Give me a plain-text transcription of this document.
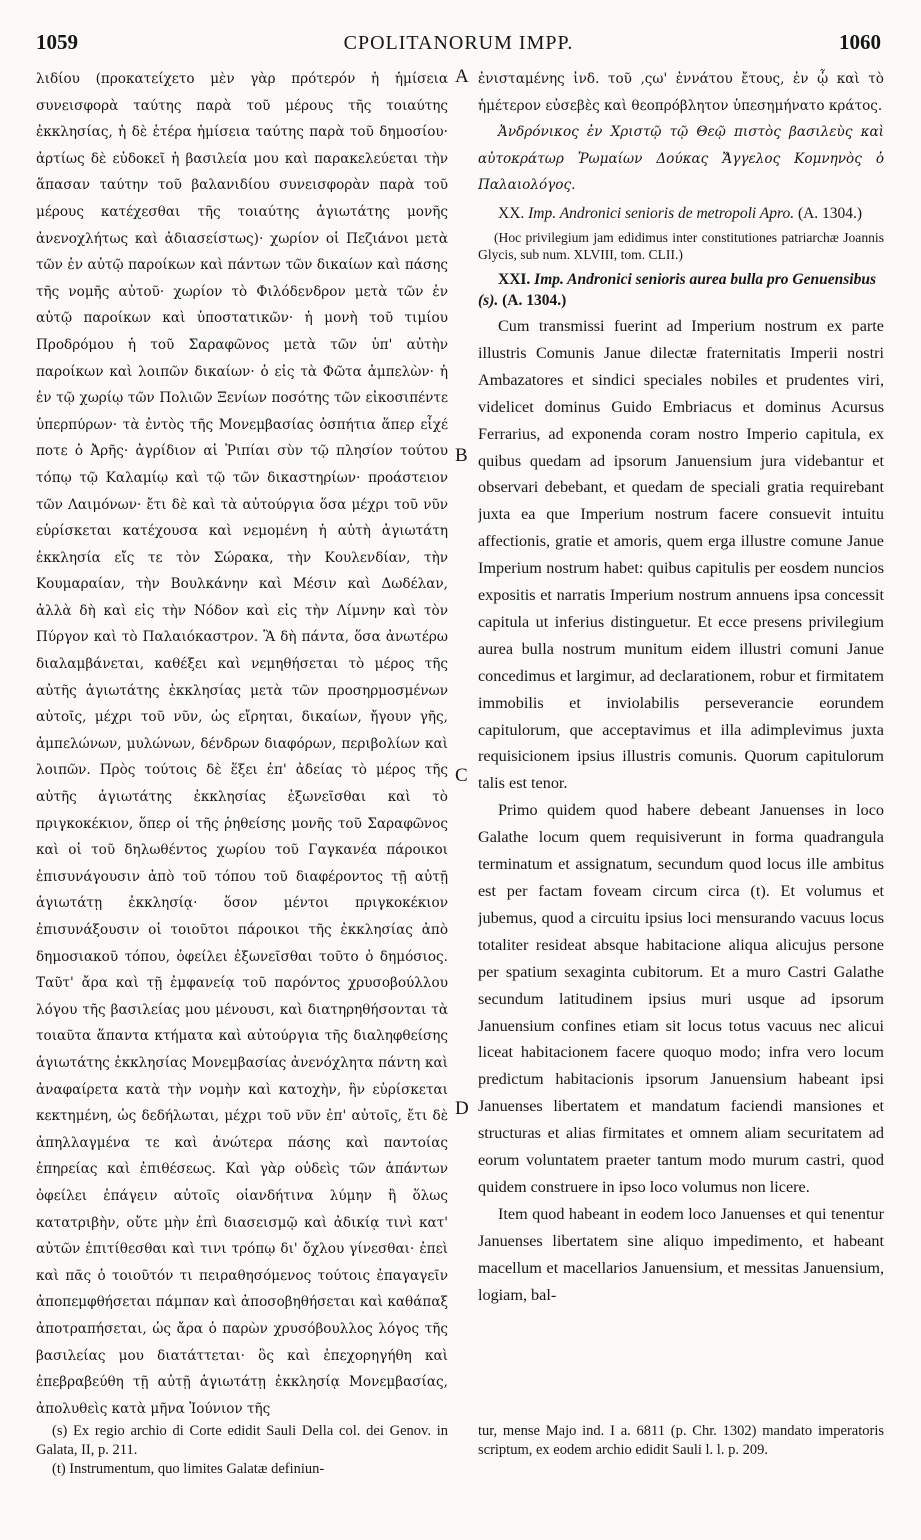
1059	CPOLITANORUM IMPP.	1060

λιδίου (προκατείχετο μὲν γὰρ πρότερόν ἡ ἡμίσεια συνεισφορὰ ταύτης παρὰ τοῦ μέρους τῆς τοιαύτης ἐκκλησίας, ἡ δὲ ἑτέρα ἡμίσεια ταύτης παρὰ τοῦ δημοσίου· ἀρτίως δὲ εὐδοκεῖ ἡ βασιλεία μου καὶ παρακελεύεται τὴν ἅπασαν ταύτην τοῦ βαλανιδίου συνεισφορὰν παρὰ τοῦ μέρους κατέχεσθαι τῆς τοιαύτης ἁγιωτάτης μονῆς ἀνενοχλήτως καὶ ἀδιασείστως)· χωρίον οἱ Πεζιάνοι μετὰ τῶν ἐν αὐτῷ παροίκων καὶ πάντων τῶν δικαίων καὶ πάσης τῆς νομῆς αὐτοῦ· χωρίον τὸ Φιλόδενδρον μετὰ τῶν ἐν αὐτῷ παροίκων καὶ ὑποστατικῶν· ἡ μονὴ τοῦ τιμίου Προδρόμου ἡ τοῦ Σαραφῶνος μετὰ τῶν ὑπ' αὐτὴν παροίκων καὶ λοιπῶν δικαίων· ὁ εἰς τὰ Φῶτα ἀμπελὼν· ἡ ἐν τῷ χωρίῳ τῶν Πολιῶν Ξενίων ποσότης τῶν εἰκοσιπέντε ὑπερπύρων· τὰ ἐντὸς τῆς Μονεμβασίας ὀσπήτια ἅπερ εἶχέ ποτε ὁ Ἀρῆς· ἀγρίδιον αἱ Ῥιπίαι σὺν τῷ πλησίον τούτου τόπῳ τῷ Καλαμίῳ καὶ τῷ τῶν δικαστηρίων· προάστειον τῶν Λαιμόνων· ἔτι δὲ καὶ τὰ αὐτούργια ὅσα μέχρι τοῦ νῦν εὑρίσκεται κατέχουσα καὶ νεμομένη ἡ αὐτὴ ἁγιωτάτη ἐκκλησία εἴς τε τὸν Σώρακα, τὴν Κουλενδίαν, τὴν Κουμαραίαν, τὴν Βουλκάνην καὶ Μέσιν καὶ Δωδέλαν, ἀλλὰ δὴ καὶ εἰς τὴν Νόδον καὶ εἰς τὴν Λίμνην καὶ τὸν Πύργον καὶ τὸ Παλαιόκαστρον. Ἃ δὴ πάντα, ὅσα ἀνωτέρω διαλαμβάνεται, καθέξει καὶ νεμηθήσεται τὸ μέρος τῆς αὐτῆς ἁγιωτάτης ἐκκλησίας μετὰ τῶν προσηρμοσμένων αὐτοῖς, μέχρι τοῦ νῦν, ὡς εἴρηται, δικαίων, ἤγουν γῆς, ἀμπελώνων, μυλώνων, δένδρων διαφόρων, περιβολίων καὶ λοιπῶν. Πρὸς τούτοις δὲ ἕξει ἐπ' ἀδείας τὸ μέρος τῆς αὐτῆς ἁγιωτάτης ἐκκλησίας ἐξωνεῖσθαι καὶ τὸ πριγκοκέκιον, ὅπερ οἱ τῆς ῥηθείσης μονῆς τοῦ Σαραφῶνος καὶ οἱ τοῦ δηλωθέντος χωρίου τοῦ Γαγκανέα πάροικοι ἐπισυνάγουσιν ἀπὸ τοῦ τόπου τοῦ διαφέροντος τῇ αὐτῇ ἁγιωτάτῃ ἐκκλησίᾳ· ὅσον μέντοι πριγκοκέκιον ἐπισυνάξουσιν οἱ τοιοῦτοι πάροικοι τῆς ἐκκλησίας ἀπὸ δημοσιακοῦ τόπου, ὀφείλει ἐξωνεῖσθαι τοῦτο ὁ δημόσιος. Ταῦτ' ἄρα καὶ τῇ ἐμφανείᾳ τοῦ παρόντος χρυσοβούλλου λόγου τῆς βασιλείας μου μένουσι, καὶ διατηρηθήσονται τὰ τοιαῦτα ἅπαντα κτήματα καὶ αὐτούργια τῆς διαληφθείσης ἁγιωτάτης ἐκκλησίας Μονεμβασίας ἀνενόχλητα πάντη καὶ ἀναφαίρετα κατὰ τὴν νομὴν καὶ κατοχὴν, ἣν εὑρίσκεται κεκτημένη, ὡς δεδήλωται, μέχρι τοῦ νῦν ἐπ' αὐτοῖς, ἔτι δὲ ἀπηλλαγμένα τε καὶ ἀνώτερα πάσης καὶ παντοίας ἐπηρείας καὶ ἐπιθέσεως. Καὶ γὰρ οὐδεὶς τῶν ἁπάντων ὀφείλει ἐπάγειν αὐτοῖς οἱανδήτινα λύμην ἢ ὅλως κατατριβὴν, οὔτε μὴν ἐπὶ διασεισμῷ καὶ ἀδικίᾳ τινὶ κατ' αὐτῶν ἐπιτίθεσθαι καὶ τινι τρόπῳ δι' ὄχλου γίνεσθαι· ἐπεὶ καὶ πᾶς ὁ τοιοῦτόν τι πειραθησόμενος τούτοις ἐπαγαγεῖν ἀποπεμφθήσεται πάμπαν καὶ ἀποσοβηθήσεται καὶ καθάπαξ ἀποτραπήσεται, ὡς ἄρα ὁ παρὼν χρυσόβουλλος λόγος τῆς βασιλείας μου διατάττεται· ὃς καὶ ἐπεχορηγήθη καὶ ἐπεβραβεύθη τῇ αὐτῇ ἁγιωτάτῃ ἐκκλησίᾳ Μονεμβασίας, ἀπολυθεὶς κατὰ μῆνα Ἰούνιον τῆς

A
B
C
D

ἐνισταμένης ἰνδ. τοῦ ,ςω' ἐννάτου ἔτους, ἐν ᾧ καὶ τὸ ἡμέτερον εὐσεβὲς καὶ θεοπρόβλητον ὑπεσημήνατο κράτος.

Ἀνδρόνικος ἐν Χριστῷ τῷ Θεῷ πιστὸς βασιλεὺς καὶ αὐτοκράτωρ Ῥωμαίων Δούκας Ἄγγελος Κομνηνὸς ὁ Παλαιολόγος.

XX. Imp. Andronici senioris de metropoli Apro. (A. 1304.)

(Hoc privilegium jam edidimus inter constitutiones patriarchæ Joannis Glycis, sub num. XLVIII, tom. CLII.)

XXI. Imp. Andronici senioris aurea bulla pro Genuensibus (s). (A. 1304.)

Cum transmissi fuerint ad Imperium nostrum ex parte illustris Comunis Janue dilectæ fraternitatis Imperii nostri Ambazatores et sindici speciales nobiles et prudentes viri, videlicet dominus Guido Embriacus et dominus Acursus Ferrarius, ad exponenda coram nostro Imperio capitula, ex quibus quedam ad ipsorum Januensium jura videbantur et observari debebant, et quedam de speciali gratia requirebant juxta ea que Imperium nostrum facere consuevit intuitu affectionis, gratie et amoris, quem erga illustre comune Janue Imperium nostrum habet: quibus capitulis per eosdem nuncios expositis et narratis Imperium nostrum annuens ipsa concessit capitula ut inferius distinguetur. Et ecce presens privilegium aurea bulla nostrum munitum eidem illustri comuni Janue concedimus et largimur, ad declarationem, robur et firmitatem immobilis et inviolabilis perseverancie eorundem capitulorum, que acceptavimus et illa adimplevimus juxta requisicionem ipsius illustris comunis. Quorum capitulorum talis est tenor.

Primo quidem quod habere debeant Januenses in loco Galathe locum quem requisiverunt in forma quadrangula terminatum et assignatum, secundum quod locus ille ambitus est per factam foveam circum circa (t). Et volumus et jubemus, quod a circuitu ipsius loci mensurando vacuus locus totaliter resideat absque habitacione aliqua alicujus persone per spatium sexaginta cubitorum. Et a muro Castri Galathe secundum latitudinem ipsius muri usque ad ipsorum Januensium confines etiam sit locus totus vacuus nec alicui liceat habitacionem facere quoquo modo; infra vero locum predictum habitacionis ipsorum Januensium habeant ipsi Januenses libertatem et mandatum faciendi mansiones et structuras et alias firmitates et omnem aliam securitatem ad eorum voluntatem praeter tantum modo murum castri, quod quidem construere in ipso loco volumus non licere.

Item quod habeant in eodem loco Januenses et qui tenentur Januenses libertatem sine aliquo impedimento, et habeant macellum et macellarios Januensium, et messitas Januensium, logiam, bal-

(s) Ex regio archio di Corte edidit Sauli Della col. dei Genov. in Galata, II, p. 211.

(t) Instrumentum, quo limites Galatæ definiun-

tur, mense Majo ind. I a. 6811 (p. Chr. 1302) mandato imperatoris scriptum, ex eodem archio edidit Sauli l. l. p. 209.
